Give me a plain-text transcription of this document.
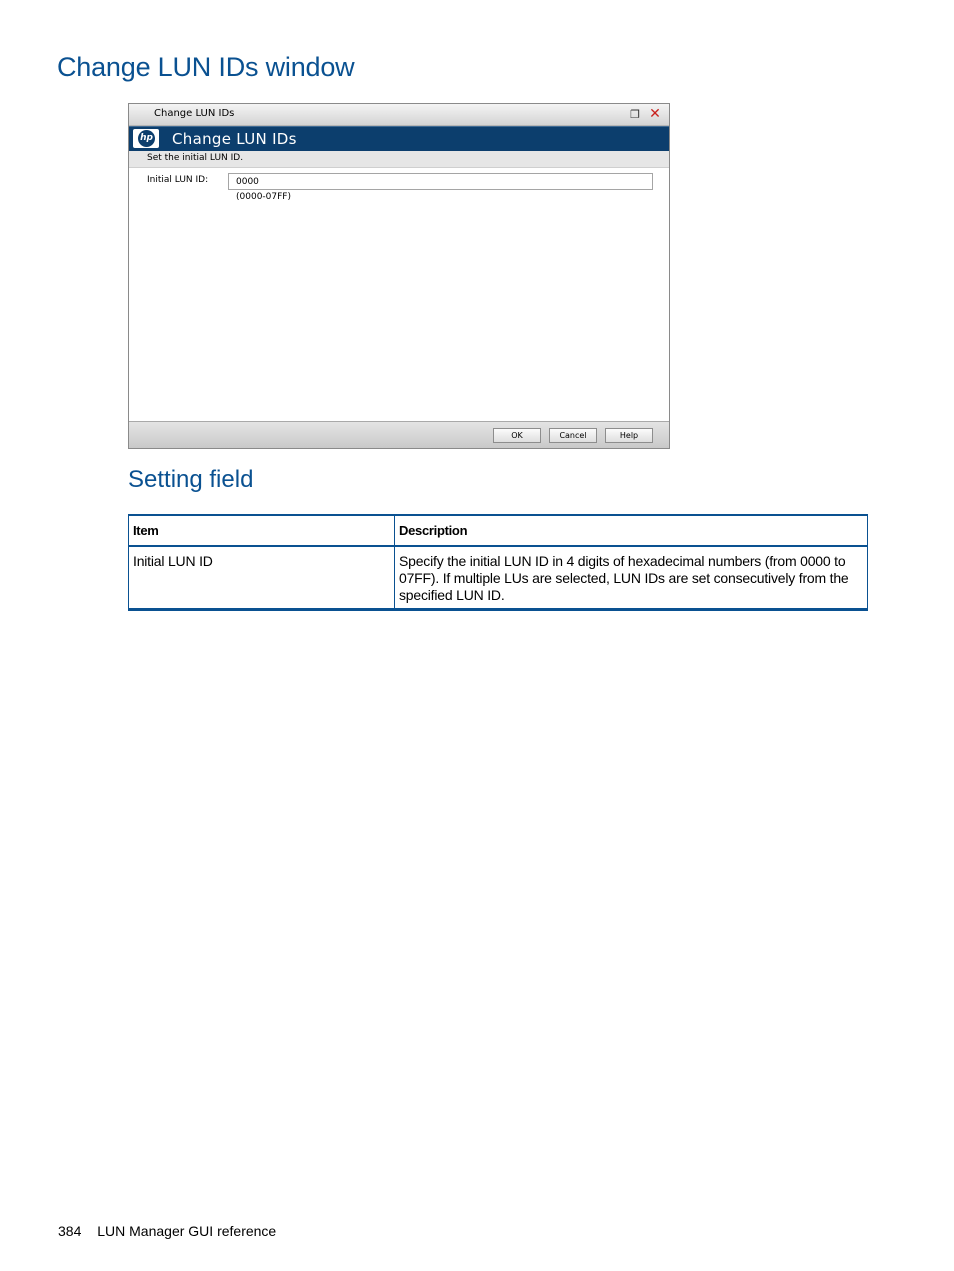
Change LUN IDs window
Change LUN IDs	❐ ✕
hp Change LUN IDs
Set the initial LUN ID.
Initial LUN ID:
0000
(0000-07FF)
OK	Cancel	Help
Setting field
Item	Description
Initial LUN ID	Specify the initial LUN ID in 4 digits of hexadecimal numbers (from 0000 to 07FF). If multiple LUs are selected, LUN IDs are set consecutively from the specified LUN ID.
384 LUN Manager GUI reference
